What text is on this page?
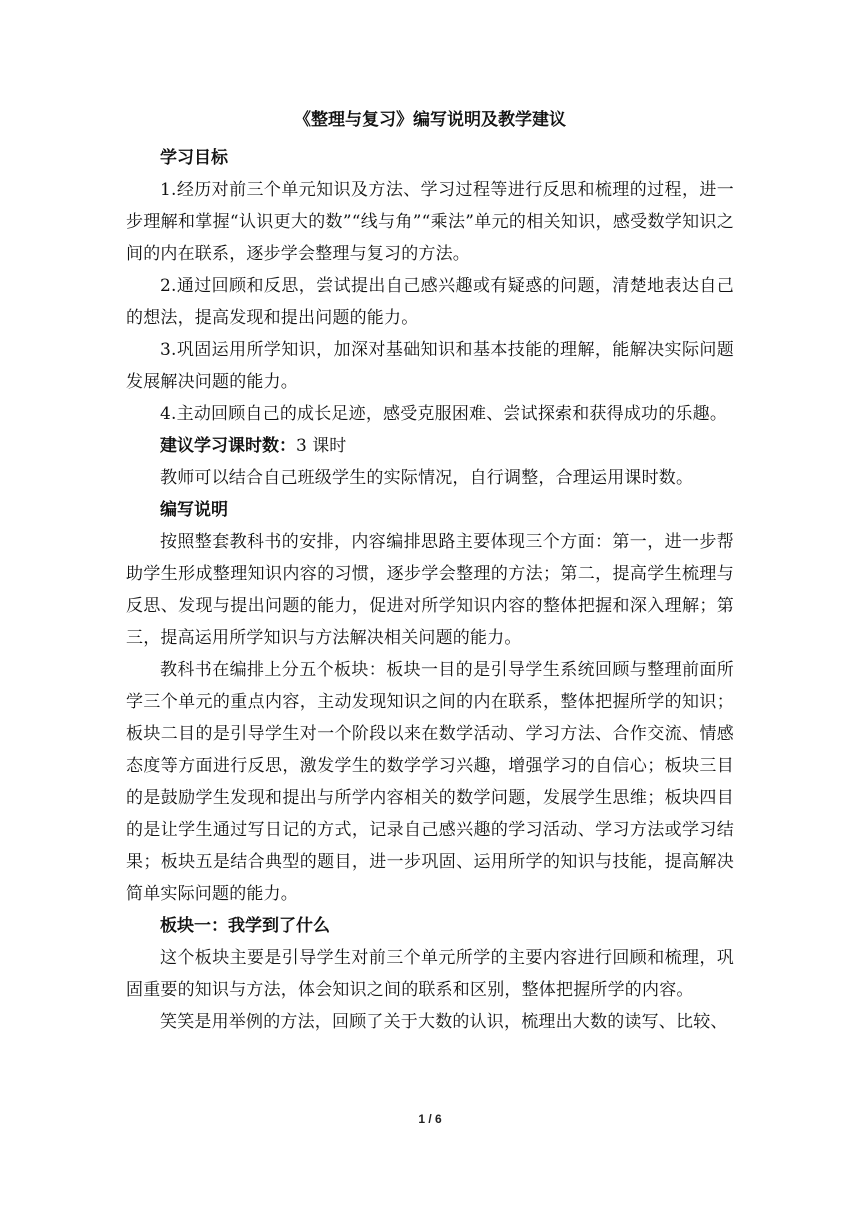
《整理与复习》编写说明及教学建议
学习目标

1.经历对前三个单元知识及方法、学习过程等进行反思和梳理的过程，进一步理解和掌握“认识更大的数”“线与角”“乘法”单元的相关知识，感受数学知识之间的内在联系，逐步学会整理与复习的方法。

2.通过回顾和反思，尝试提出自己感兴趣或有疑惑的问题，清楚地表达自己的想法，提高发现和提出问题的能力。

3.巩固运用所学知识，加深对基础知识和基本技能的理解，能解决实际问题发展解决问题的能力。

4.主动回顾自己的成长足迹，感受克服困难、尝试探索和获得成功的乐趣。

建议学习课时数：3 课时

教师可以结合自己班级学生的实际情况，自行调整，合理运用课时数。

编写说明

按照整套教科书的安排，内容编排思路主要体现三个方面：第一，进一步帮助学生形成整理知识内容的习惯，逐步学会整理的方法；第二，提高学生梳理与反思、发现与提出问题的能力，促进对所学知识内容的整体把握和深入理解；第三，提高运用所学知识与方法解决相关问题的能力。

教科书在编排上分五个板块：板块一目的是引导学生系统回顾与整理前面所学三个单元的重点内容，主动发现知识之间的内在联系，整体把握所学的知识；板块二目的是引导学生对一个阶段以来在数学活动、学习方法、合作交流、情感态度等方面进行反思，激发学生的数学学习兴趣，增强学习的自信心；板块三目的是鼓励学生发现和提出与所学内容相关的数学问题，发展学生思维；板块四目的是让学生通过写日记的方式，记录自己感兴趣的学习活动、学习方法或学习结果；板块五是结合典型的题目，进一步巩固、运用所学的知识与技能，提高解决简单实际问题的能力。

板块一：我学到了什么

这个板块主要是引导学生对前三个单元所学的主要内容进行回顾和梳理，巩固重要的知识与方法，体会知识之间的联系和区别，整体把握所学的内容。

笑笑是用举例的方法，回顾了关于大数的认识，梳理出大数的读写、比较、

1 / 6
